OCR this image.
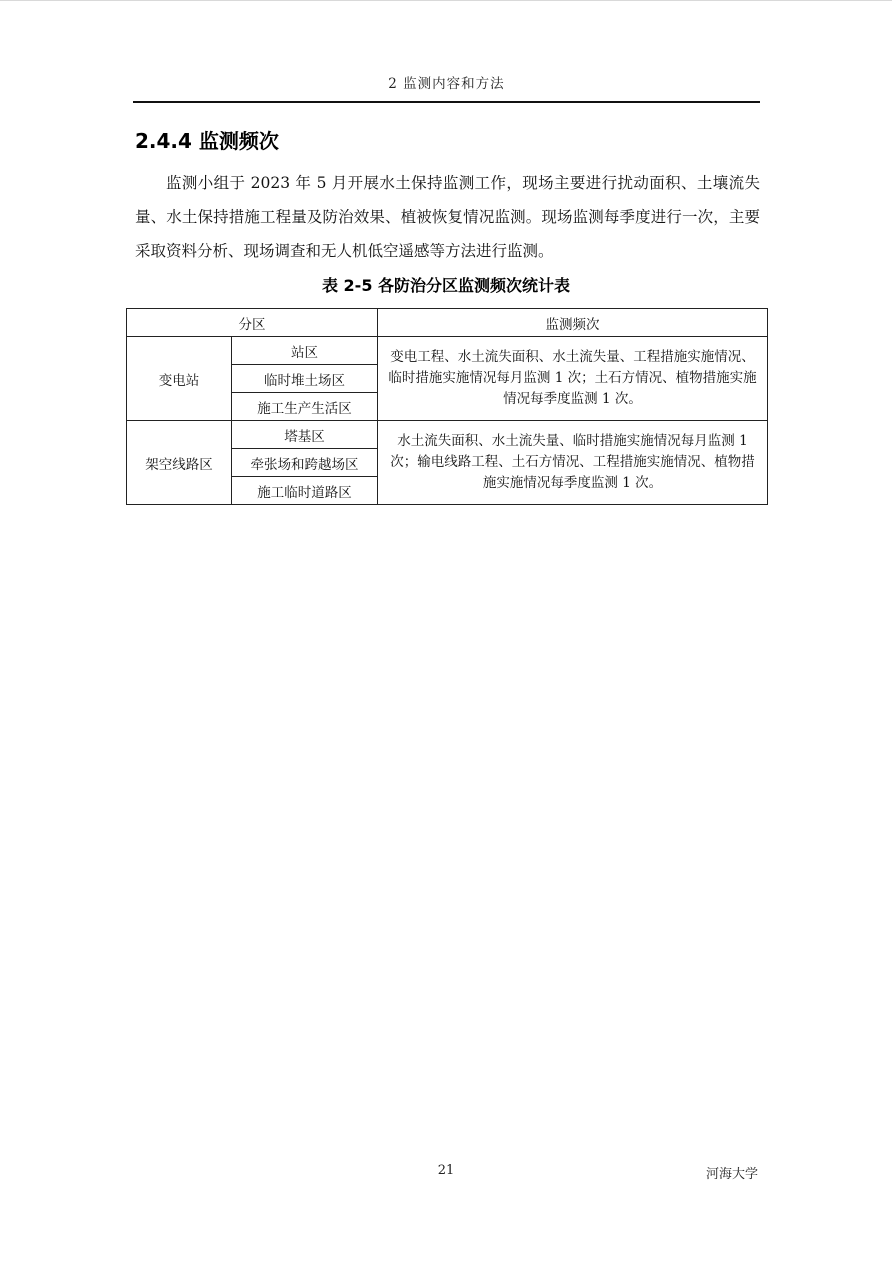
2 监测内容和方法
2.4.4 监测频次

监测小组于 2023 年 5 月开展水土保持监测工作，现场主要进行扰动面积、土壤流失量、水土保持措施工程量及防治效果、植被恢复情况监测。现场监测每季度进行一次，主要采取资料分析、现场调查和无人机低空遥感等方法进行监测。

表 2-5 各防治分区监测频次统计表
分区		监测频次
变电站	站区	变电工程、水土流失面积、水土流失量、工程措施实施情况、临时措施实施情况每月监测 1 次；土石方情况、植物措施实施情况每季度监测 1 次。

	临时堆土场区	
	施工生产生活区	
架空线路区	塔基区	水土流失面积、水土流失量、临时措施实施情况每月监测 1 次；输电线路工程、土石方情况、工程措施实施情况、植物措施实施情况每季度监测 1 次。

	牵张场和跨越场区	
	施工临时道路区	
21	河海大学
